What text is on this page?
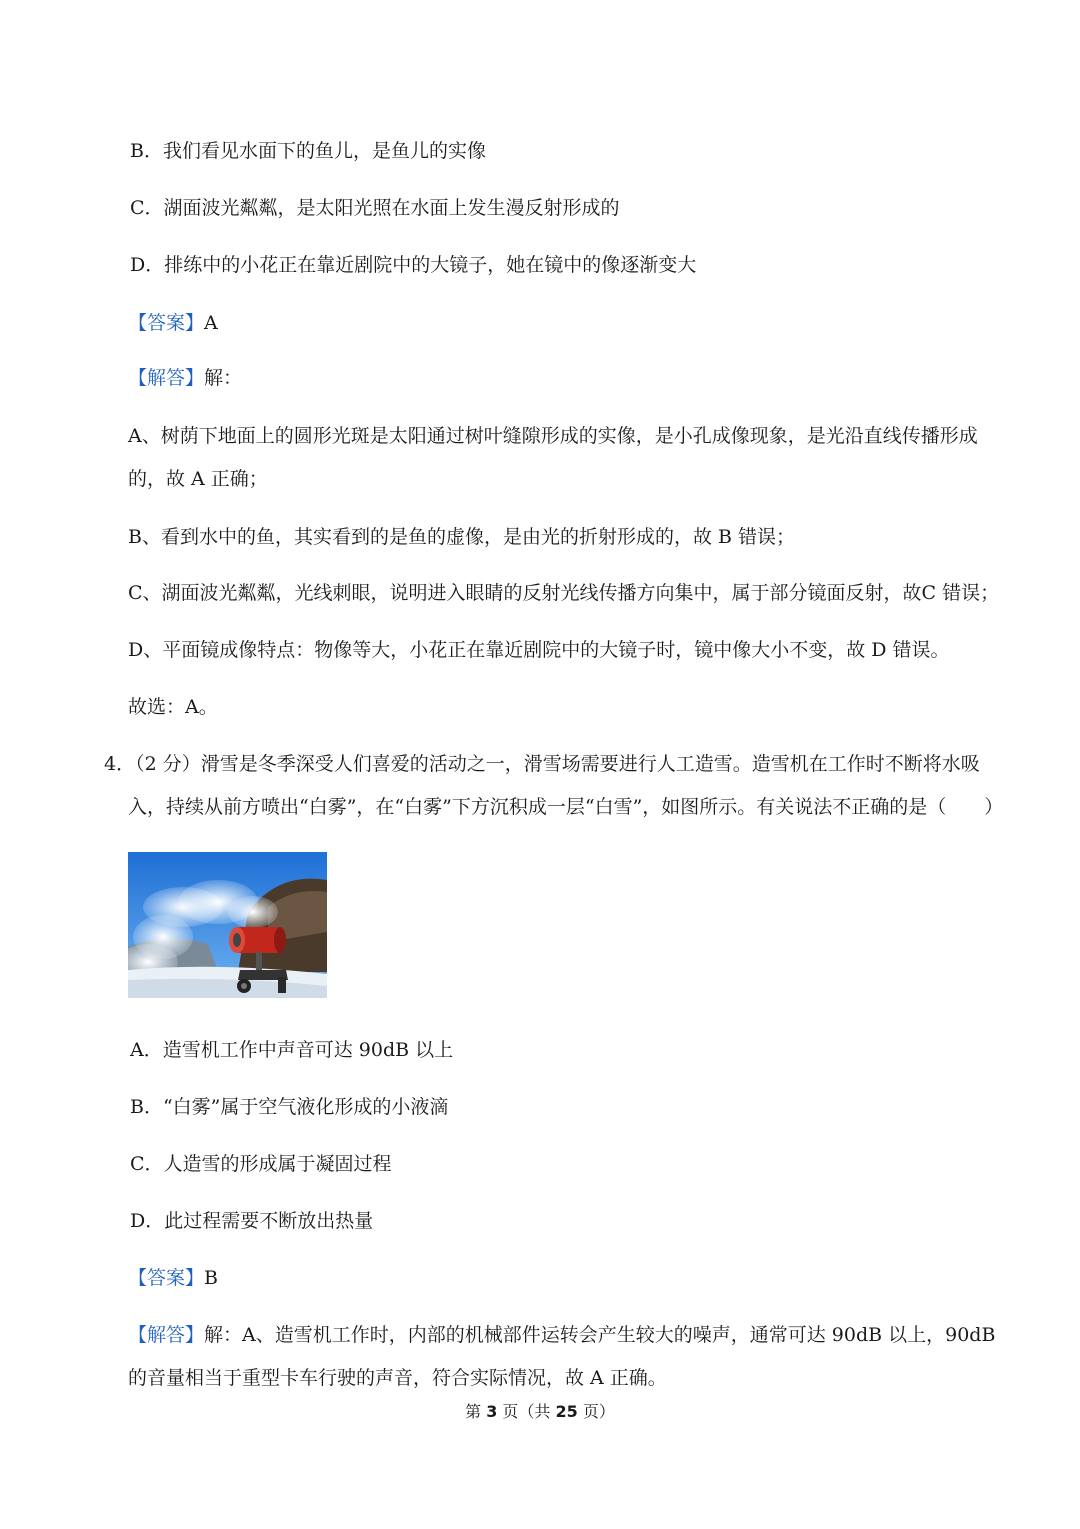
B．我们看见水面下的鱼儿，是鱼儿的实像
C．湖面波光粼粼，是太阳光照在水面上发生漫反射形成的
D．排练中的小花正在靠近剧院中的大镜子，她在镜中的像逐渐变大
【答案】A
【解答】解：
A、树荫下地面上的圆形光斑是太阳通过树叶缝隙形成的实像，是小孔成像现象，是光沿直线传播形成
的，故 A 正确；
B、看到水中的鱼，其实看到的是鱼的虚像，是由光的折射形成的，故 B 错误；
C、湖面波光粼粼，光线刺眼，说明进入眼睛的反射光线传播方向集中，属于部分镜面反射，故C 错误；
D、平面镜成像特点：物像等大，小花正在靠近剧院中的大镜子时，镜中像大小不变，故 D 错误。
故选：A。
4．（2 分）滑雪是冬季深受人们喜爱的活动之一，滑雪场需要进行人工造雪。造雪机在工作时不断将水吸
入，持续从前方喷出“白雾”，在“白雾”下方沉积成一层“白雪”，如图所示。有关说法不正确的是（　　）
A．造雪机工作中声音可达 90dB 以上
B．“白雾”属于空气液化形成的小液滴
C．人造雪的形成属于凝固过程
D．此过程需要不断放出热量
【答案】B
【解答】解：A、造雪机工作时，内部的机械部件运转会产生较大的噪声，通常可达 90dB 以上，90dB
的音量相当于重型卡车行驶的声音，符合实际情况，故 A 正确。
第 3 页（共 25 页）
